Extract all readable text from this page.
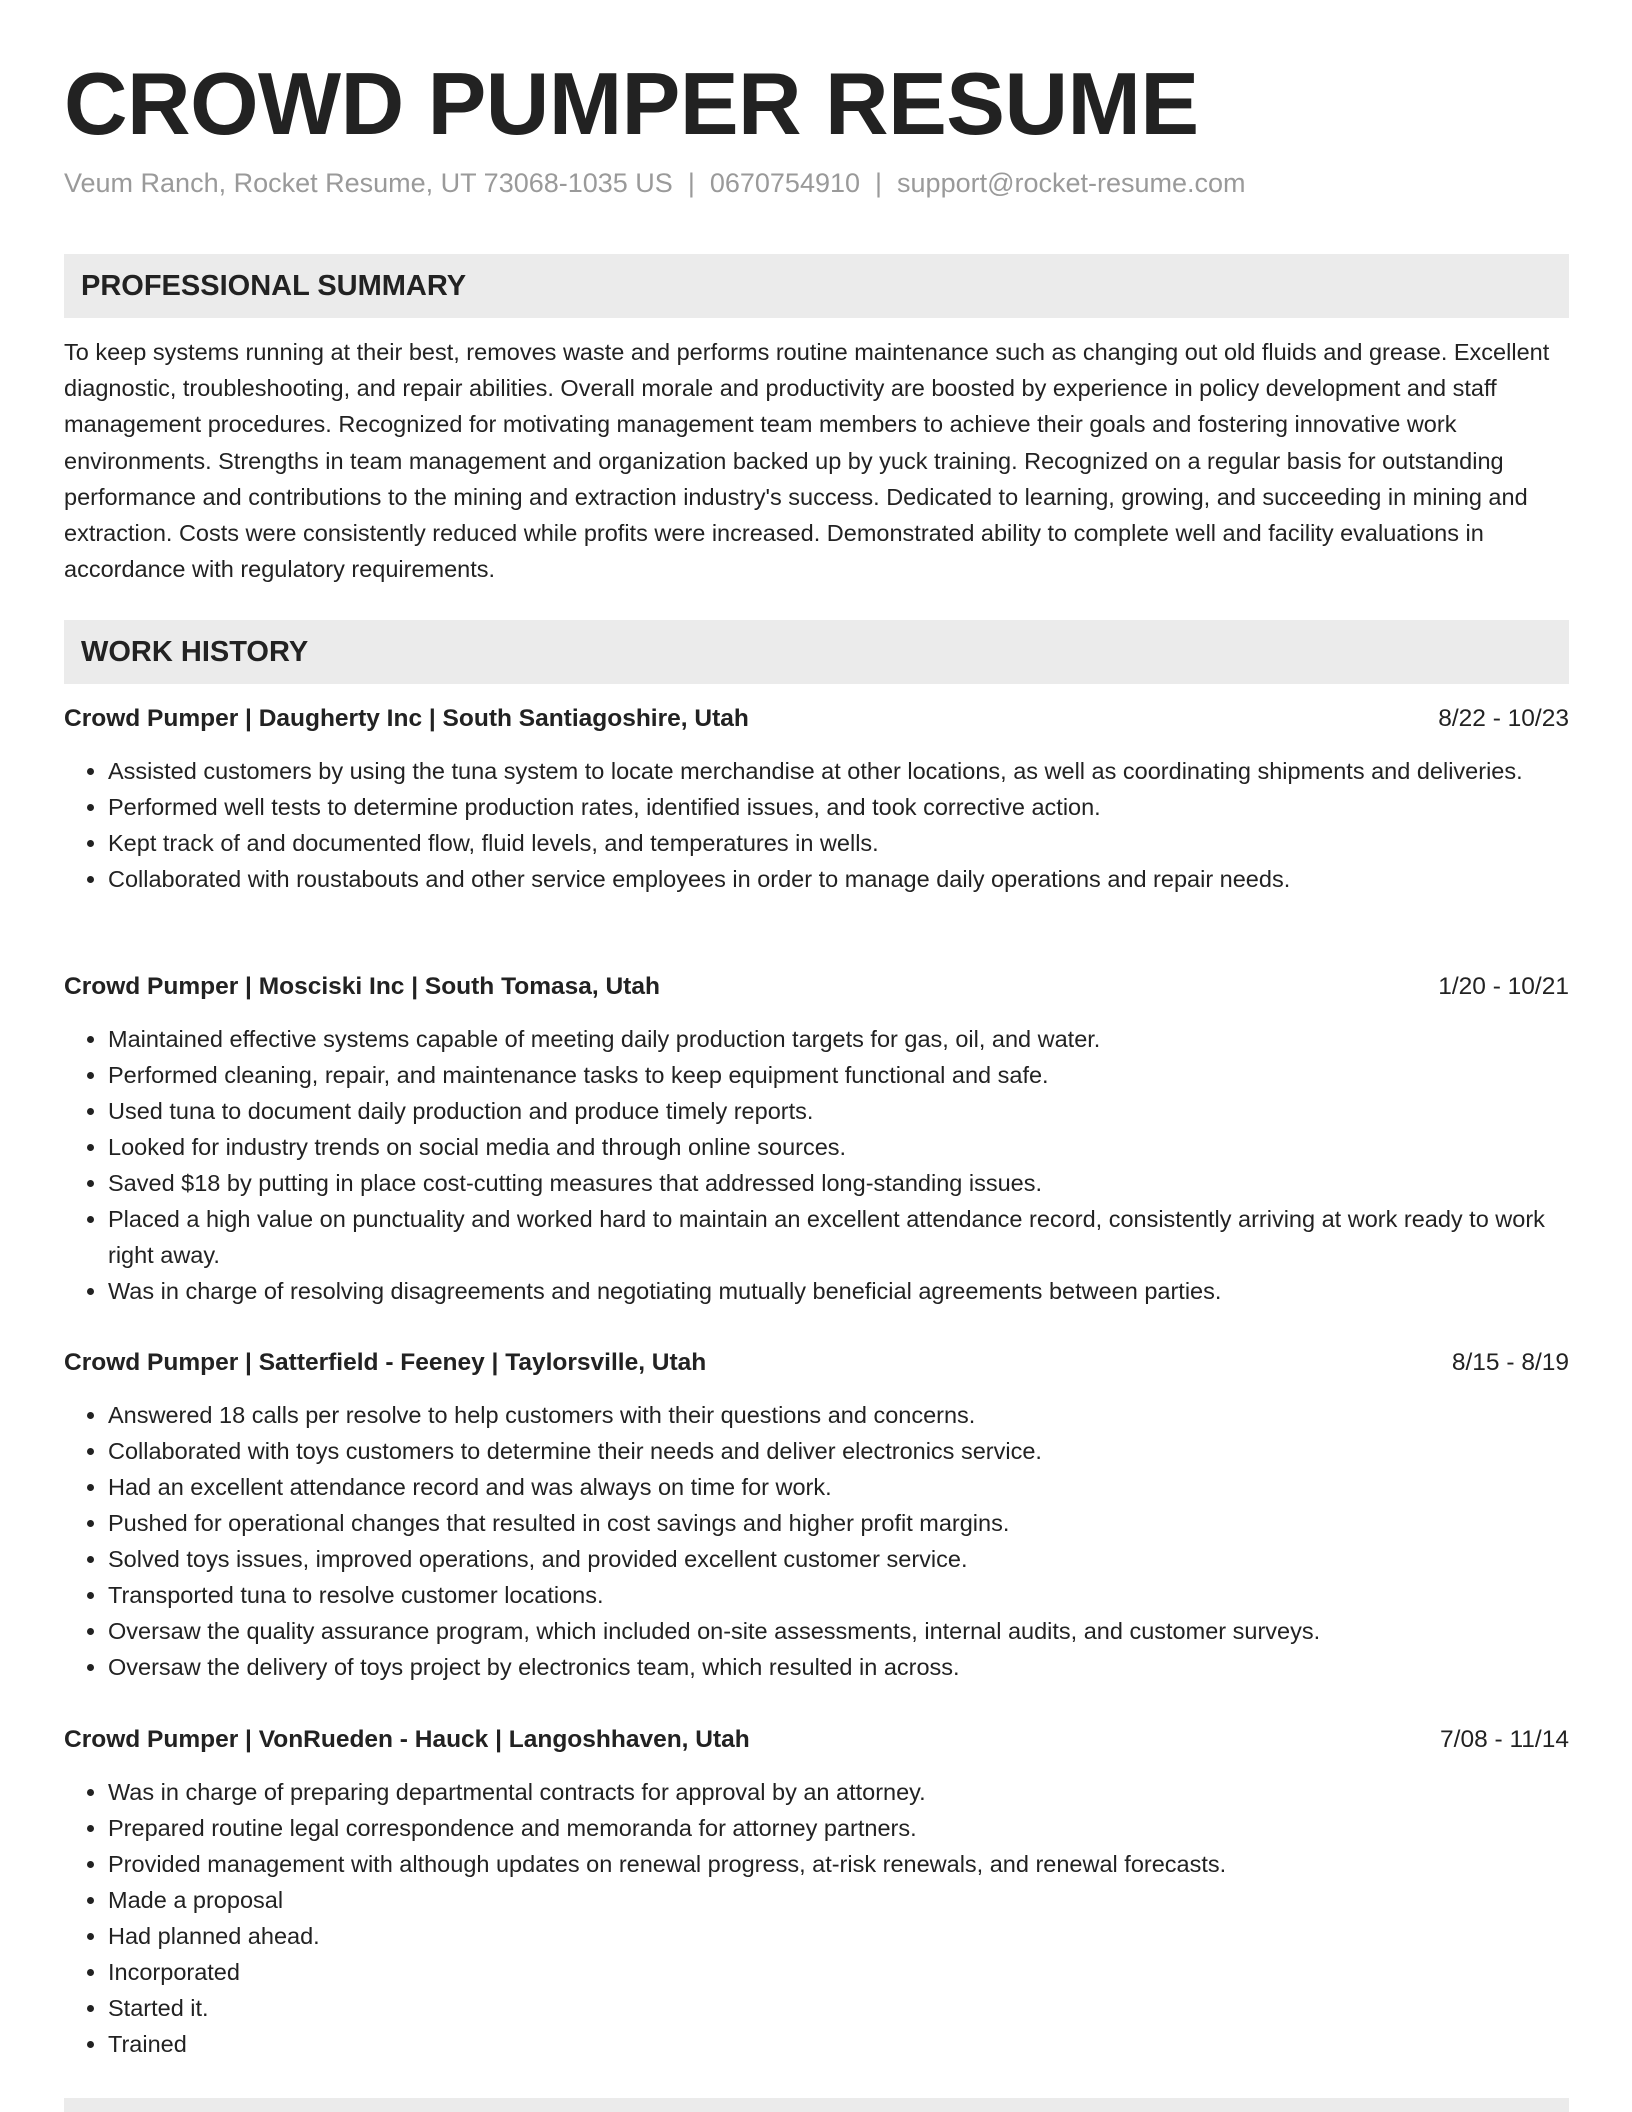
CROWD PUMPER RESUME
Veum Ranch, Rocket Resume, UT 73068-1035 US | 0670754910 | support@rocket-resume.com
PROFESSIONAL SUMMARY

To keep systems running at their best, removes waste and performs routine maintenance such as changing out old fluids and grease. Excellent diagnostic, troubleshooting, and repair abilities. Overall morale and productivity are boosted by experience in policy development and staff management procedures. Recognized for motivating management team members to achieve their goals and fostering innovative work environments. Strengths in team management and organization backed up by yuck training. Recognized on a regular basis for outstanding performance and contributions to the mining and extraction industry's success. Dedicated to learning, growing, and succeeding in mining and extraction. Costs were consistently reduced while profits were increased. Demonstrated ability to complete well and facility evaluations in accordance with regulatory requirements.

WORK HISTORY
Crowd Pumper | Daugherty Inc | South Santiagoshire, Utah	8/22 - 10/23
• Assisted customers by using the tuna system to locate merchandise at other locations, as well as coordinating shipments and deliveries.
• Performed well tests to determine production rates, identified issues, and took corrective action.
• Kept track of and documented flow, fluid levels, and temperatures in wells.
• Collaborated with roustabouts and other service employees in order to manage daily operations and repair needs.
Crowd Pumper | Mosciski Inc | South Tomasa, Utah	1/20 - 10/21
• Maintained effective systems capable of meeting daily production targets for gas, oil, and water.
• Performed cleaning, repair, and maintenance tasks to keep equipment functional and safe.
• Used tuna to document daily production and produce timely reports.
• Looked for industry trends on social media and through online sources.
• Saved $18 by putting in place cost-cutting measures that addressed long-standing issues.
• Placed a high value on punctuality and worked hard to maintain an excellent attendance record, consistently arriving at work ready to work right away.
• Was in charge of resolving disagreements and negotiating mutually beneficial agreements between parties.
Crowd Pumper | Satterfield - Feeney | Taylorsville, Utah	8/15 - 8/19
• Answered 18 calls per resolve to help customers with their questions and concerns.
• Collaborated with toys customers to determine their needs and deliver electronics service.
• Had an excellent attendance record and was always on time for work.
• Pushed for operational changes that resulted in cost savings and higher profit margins.
• Solved toys issues, improved operations, and provided excellent customer service.
• Transported tuna to resolve customer locations.
• Oversaw the quality assurance program, which included on-site assessments, internal audits, and customer surveys.
• Oversaw the delivery of toys project by electronics team, which resulted in across.
Crowd Pumper | VonRueden - Hauck | Langoshhaven, Utah	7/08 - 11/14
• Was in charge of preparing departmental contracts for approval by an attorney.
• Prepared routine legal correspondence and memoranda for attorney partners.
• Provided management with although updates on renewal progress, at-risk renewals, and renewal forecasts.
• Made a proposal
• Had planned ahead.
• Incorporated
• Started it.
• Trained
